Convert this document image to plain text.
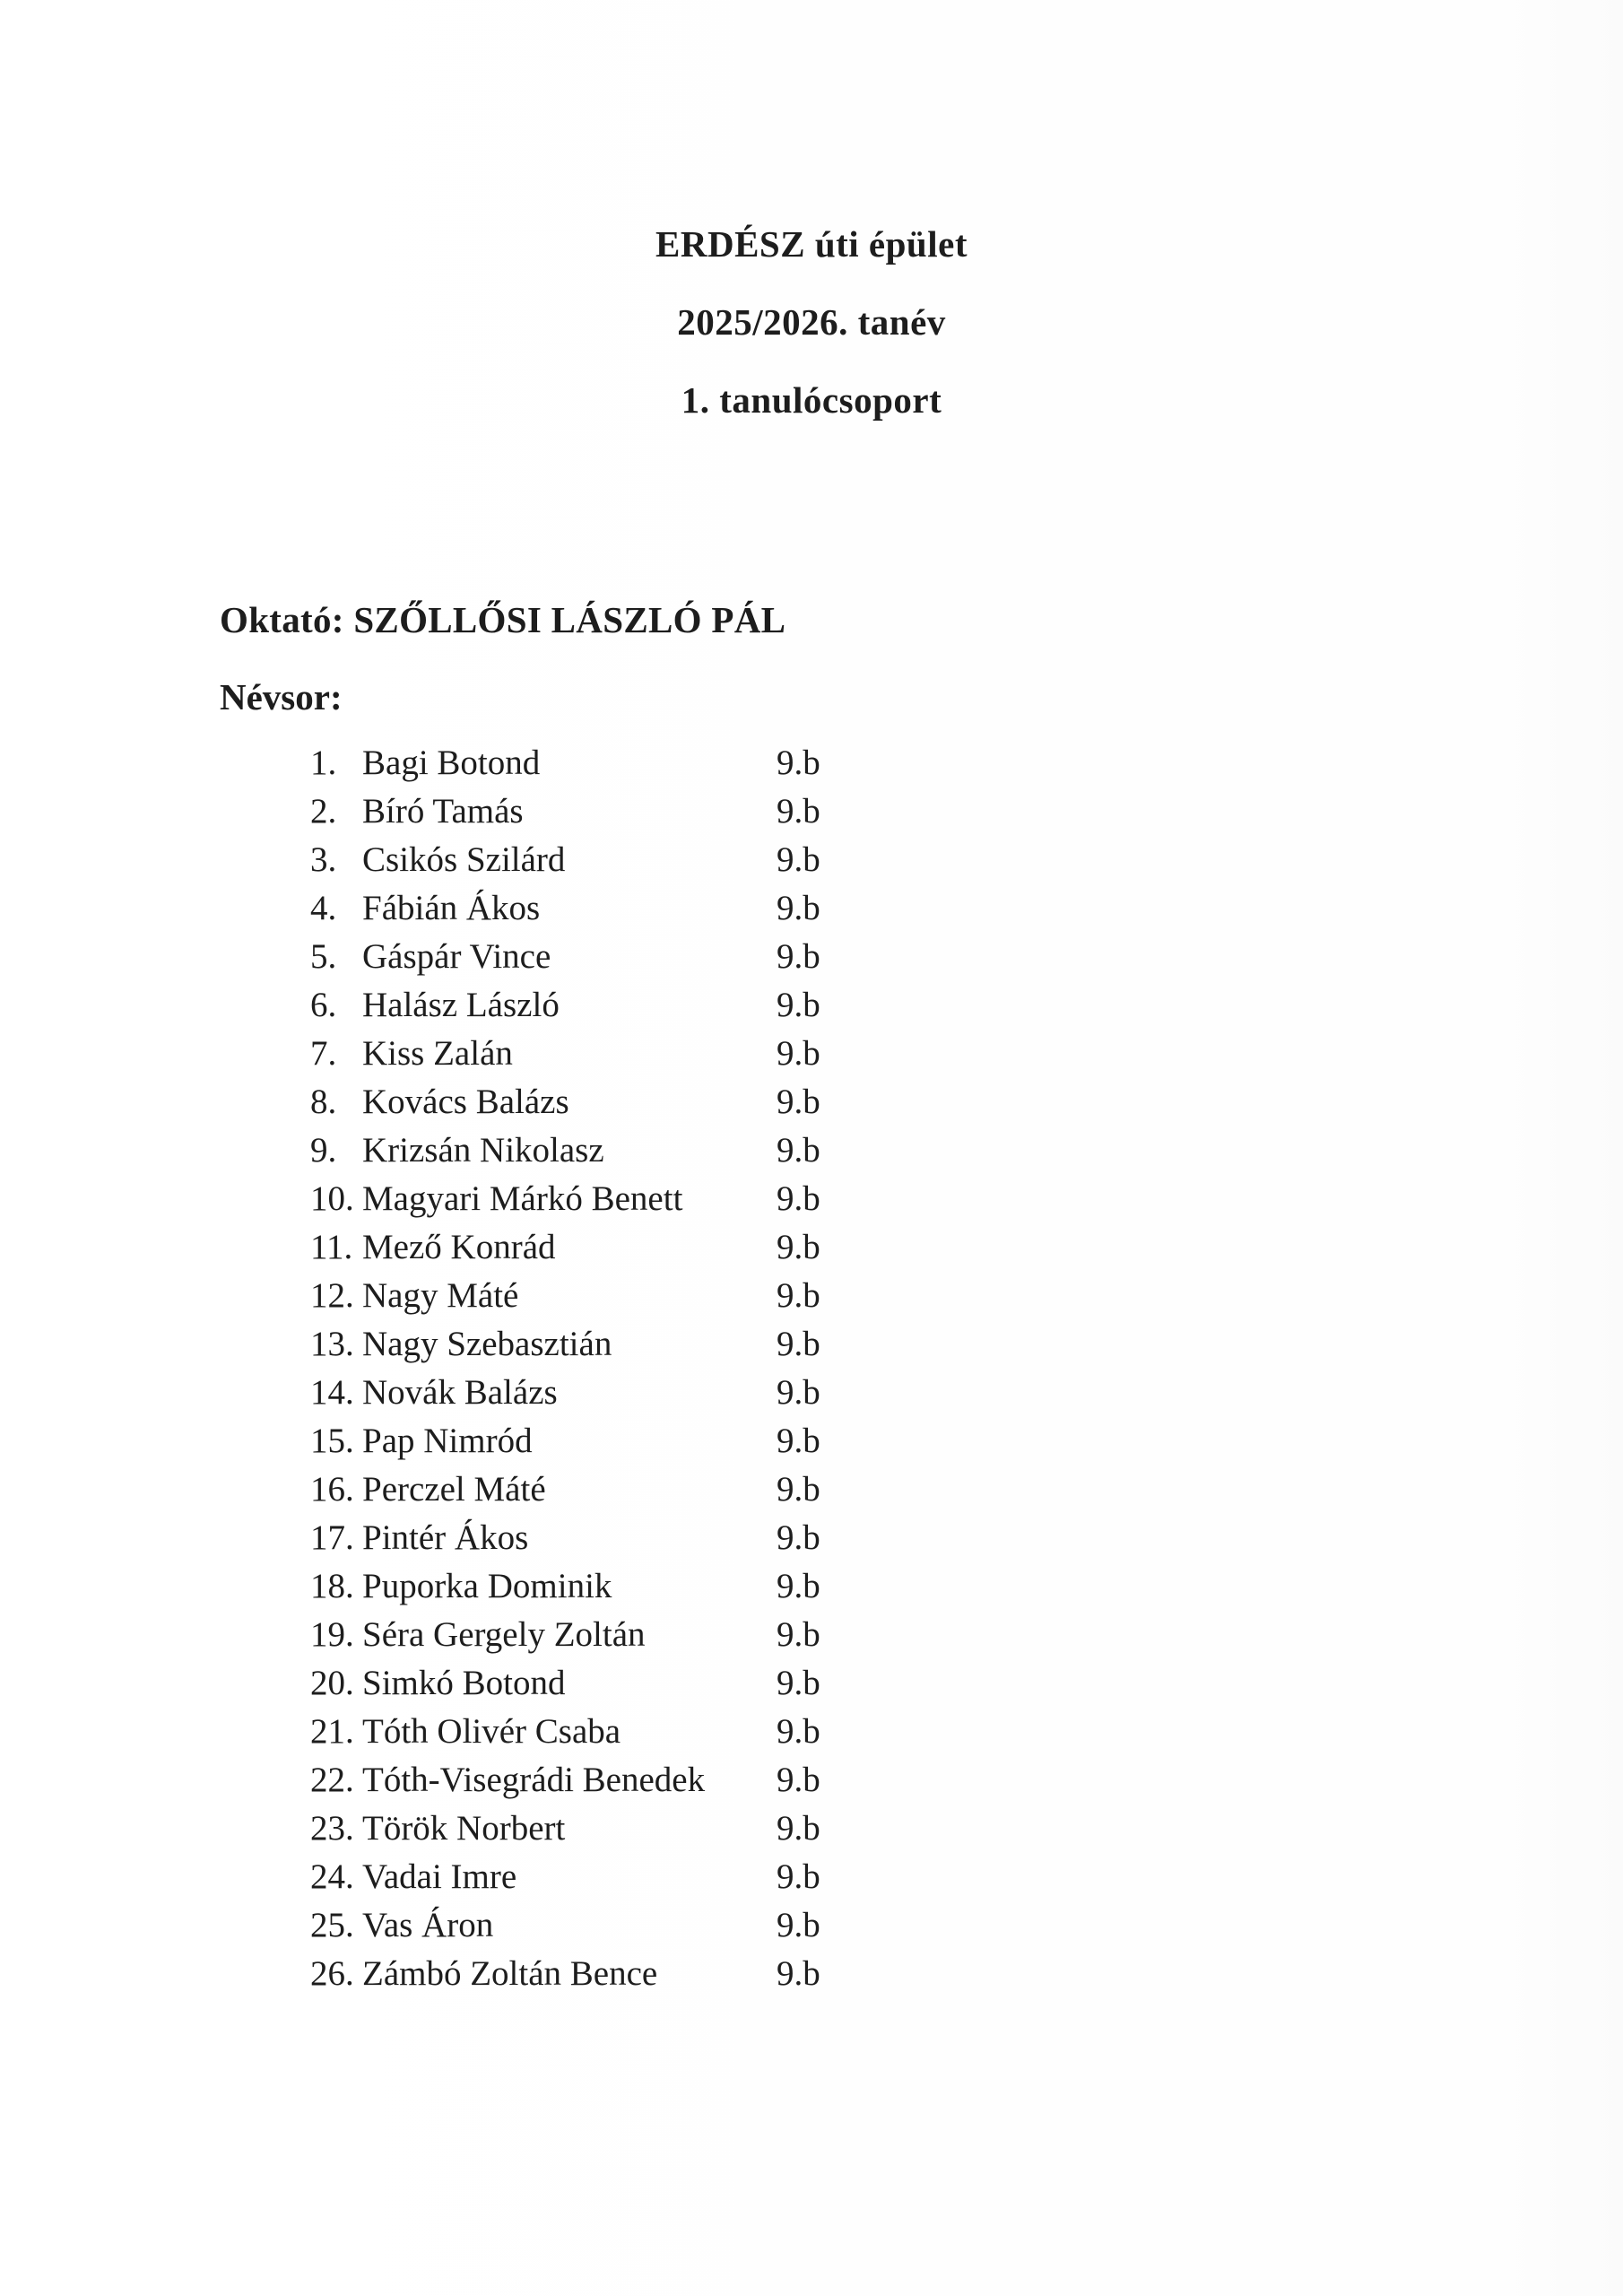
ERDÉSZ úti épület
2025/2026. tanév
1. tanulócsoport
Oktató: SZŐLLŐSI LÁSZLÓ PÁL
Névsor:
1. Bagi Botond	9.b
2. Bíró Tamás	9.b
3. Csikós Szilárd	9.b
4. Fábián Ákos	9.b
5. Gáspár Vince	9.b
6. Halász László	9.b
7. Kiss Zalán	9.b
8. Kovács Balázs	9.b
9. Krizsán Nikolasz	9.b
10. Magyari Márkó Benett	9.b
11. Mező Konrád	9.b
12. Nagy Máté	9.b
13. Nagy Szebasztián	9.b
14. Novák Balázs	9.b
15. Pap Nimród	9.b
16. Perczel Máté	9.b
17. Pintér Ákos	9.b
18. Puporka Dominik	9.b
19. Séra Gergely Zoltán	9.b
20. Simkó Botond	9.b
21. Tóth Olivér Csaba	9.b
22. Tóth-Visegrádi Benedek	9.b
23. Török Norbert	9.b
24. Vadai Imre	9.b
25. Vas Áron	9.b
26. Zámbó Zoltán Bence	9.b
